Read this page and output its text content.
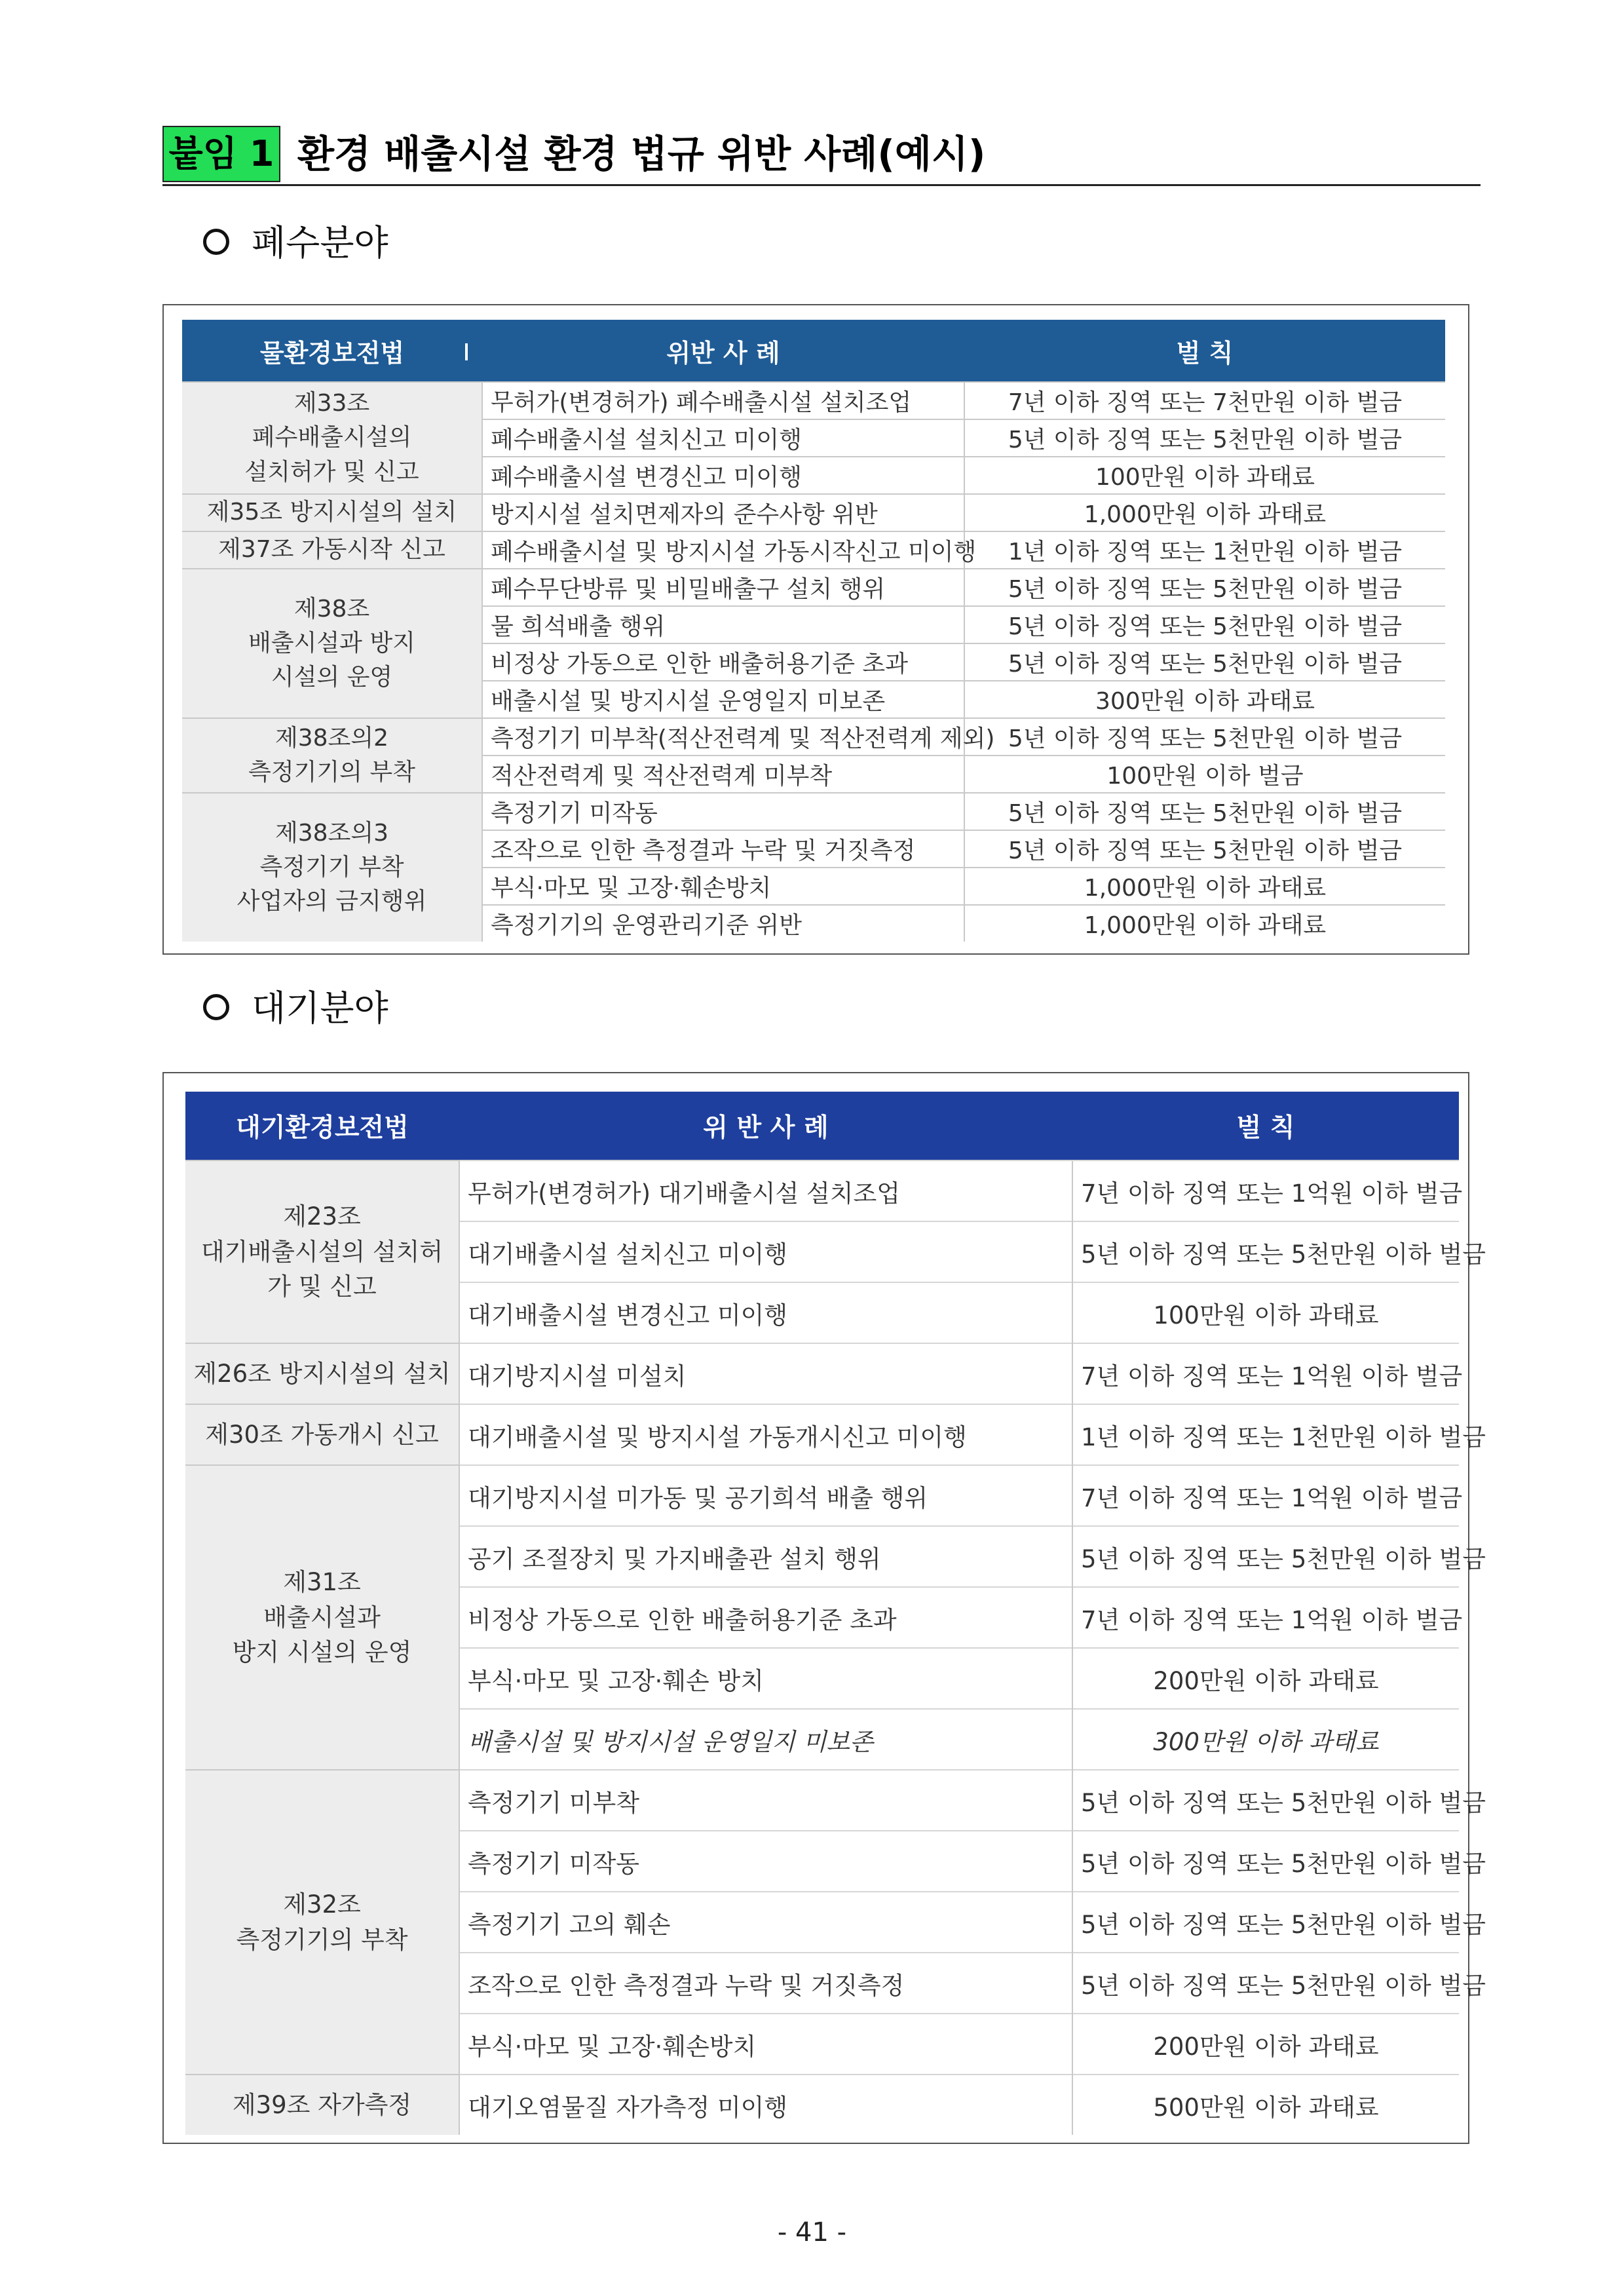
붙임 1 환경 배출시설 환경 법규 위반 사례(예시)
폐수분야
물환경보전법	위반 사 례	벌 칙
제33조
폐수배출시설의
설치허가 및 신고	무허가(변경허가) 폐수배출시설 설치조업	7년 이하 징역 또는 7천만원 이하 벌금
	폐수배출시설 설치신고 미이행	5년 이하 징역 또는 5천만원 이하 벌금
	폐수배출시설 변경신고 미이행	100만원 이하 과태료
제35조 방지시설의 설치	방지시설 설치면제자의 준수사항 위반	1,000만원 이하 과태료
제37조 가동시작 신고	폐수배출시설 및 방지시설 가동시작신고 미이행	1년 이하 징역 또는 1천만원 이하 벌금
제38조
배출시설과 방지
시설의 운영	폐수무단방류 및 비밀배출구 설치 행위	5년 이하 징역 또는 5천만원 이하 벌금
	물 희석배출 행위	5년 이하 징역 또는 5천만원 이하 벌금
	비정상 가동으로 인한 배출허용기준 초과	5년 이하 징역 또는 5천만원 이하 벌금
	배출시설 및 방지시설 운영일지 미보존	300만원 이하 과태료
제38조의2
측정기기의 부착	측정기기 미부착(적산전력계 및 적산전력계 제외)	5년 이하 징역 또는 5천만원 이하 벌금
	적산전력계 및 적산전력계 미부착	100만원 이하 벌금
제38조의3
측정기기 부착
사업자의 금지행위	측정기기 미작동	5년 이하 징역 또는 5천만원 이하 벌금
	조작으로 인한 측정결과 누락 및 거짓측정	5년 이하 징역 또는 5천만원 이하 벌금
	부식·마모 및 고장·훼손방치	1,000만원 이하 과태료
	측정기기의 운영관리기준 위반	1,000만원 이하 과태료
대기분야
대기환경보전법	위 반 사 례	벌 칙
제23조
대기배출시설의 설치허
가 및 신고	무허가(변경허가) 대기배출시설 설치조업	7년 이하 징역 또는 1억원 이하 벌금
	대기배출시설 설치신고 미이행	5년 이하 징역 또는 5천만원 이하 벌금
	대기배출시설 변경신고 미이행	100만원 이하 과태료
제26조 방지시설의 설치	대기방지시설 미설치	7년 이하 징역 또는 1억원 이하 벌금
제30조 가동개시 신고	대기배출시설 및 방지시설 가동개시신고 미이행	1년 이하 징역 또는 1천만원 이하 벌금
제31조
배출시설과
방지 시설의 운영	대기방지시설 미가동 및 공기희석 배출 행위	7년 이하 징역 또는 1억원 이하 벌금
	공기 조절장치 및 가지배출관 설치 행위	5년 이하 징역 또는 5천만원 이하 벌금
	비정상 가동으로 인한 배출허용기준 초과	7년 이하 징역 또는 1억원 이하 벌금
	부식·마모 및 고장·훼손 방치	200만원 이하 과태료
	배출시설 및 방지시설 운영일지 미보존	300만원 이하 과태료
제32조
측정기기의 부착	측정기기 미부착	5년 이하 징역 또는 5천만원 이하 벌금
	측정기기 미작동	5년 이하 징역 또는 5천만원 이하 벌금
	측정기기 고의 훼손	5년 이하 징역 또는 5천만원 이하 벌금
	조작으로 인한 측정결과 누락 및 거짓측정	5년 이하 징역 또는 5천만원 이하 벌금
	부식·마모 및 고장·훼손방치	200만원 이하 과태료
제39조 자가측정	대기오염물질 자가측정 미이행	500만원 이하 과태료
- 41 -
